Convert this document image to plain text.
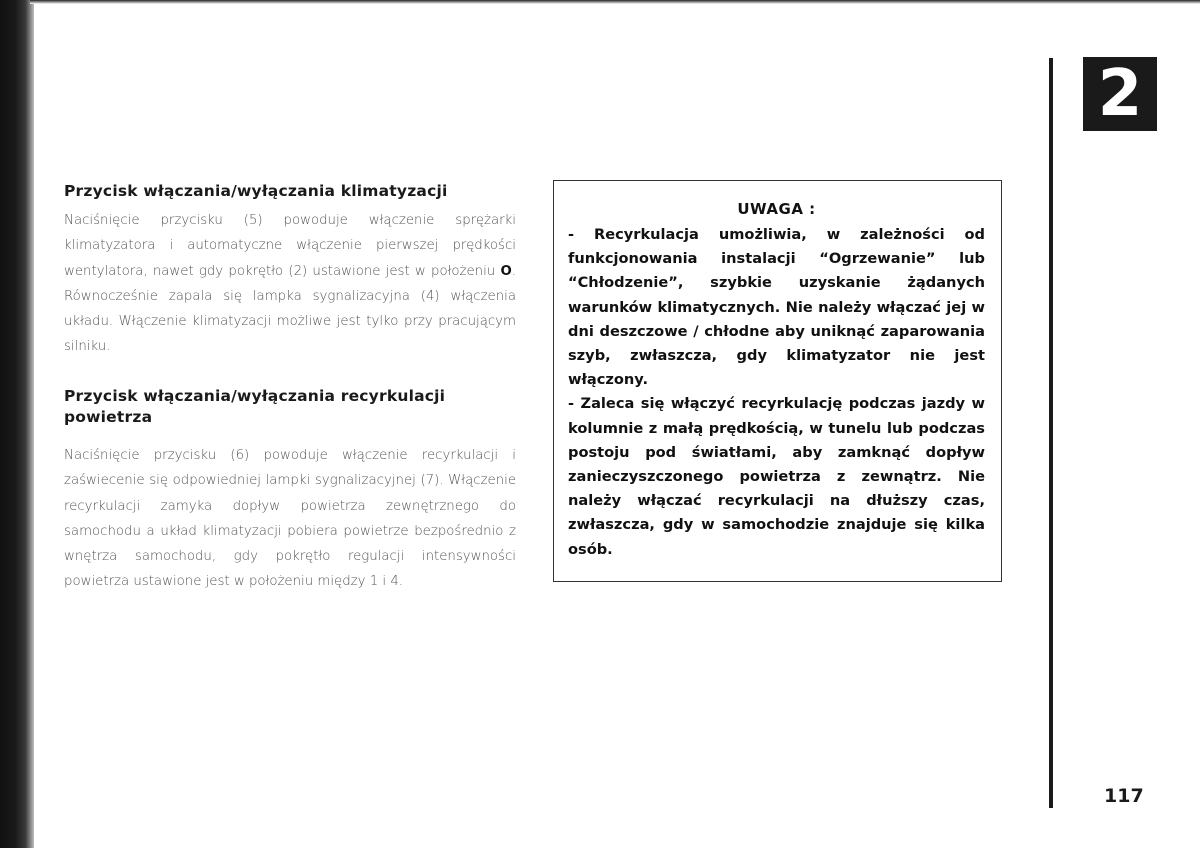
Przycisk włączania/wyłączania klimatyzacji

Naciśnięcie przycisku (5) powoduje włączenie sprężarki klimatyzatora i automatyczne włączenie pierwszej prędkości wentylatora, nawet gdy pokrętło (2) ustawione jest w położeniu O. Równocześnie zapala się lampka sygnalizacyjna (4) włączenia układu. Włączenie klimatyzacji możliwe jest tylko przy pracującym silniku.

Przycisk włączania/wyłączania recyrkulacji powietrza

Naciśnięcie przycisku (6) powoduje włączenie recyrkulacji i zaświecenie się odpowiedniej lampki sygnalizacyjnej (7). Włączenie recyrkulacji zamyka dopływ powietrza zewnętrznego do samochodu a układ klimatyzacji pobiera powietrze bezpośrednio z wnętrza samochodu, gdy pokrętło regulacji intensywności powietrza ustawione jest w położeniu między 1 i 4.

UWAGA :

- Recyrkulacja umożliwia, w zależności od funkcjonowania instalacji “Ogrzewanie” lub “Chłodzenie”, szybkie uzyskanie żądanych warunków klimatycznych. Nie należy włączać jej w dni deszczowe / chłodne aby uniknąć zaparowania szyb, zwłaszcza, gdy klimatyzator nie jest włączony.

- Zaleca się włączyć recyrkulację podczas jazdy w kolumnie z małą prędkością, w tunelu lub podczas postoju pod światłami, aby zamknąć dopływ zanieczyszczonego powietrza z zewnątrz. Nie należy włączać recyrkulacji na dłuższy czas, zwłaszcza, gdy w samochodzie znajduje się kilka osób.

2
117
